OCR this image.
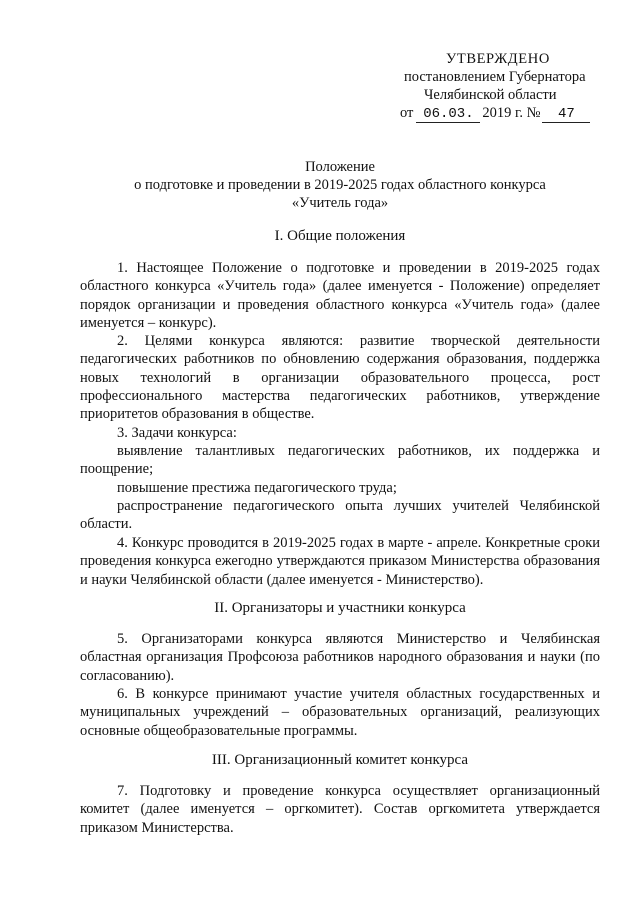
УТВЕРЖДЕНО
постановлением Губернатора
Челябинской области
от 06.03. 2019 г. № 47
Положение
о подготовке и проведении в 2019-2025 годах областного конкурса
«Учитель года»
I. Общие положения

1. Настоящее Положение о подготовке и проведении в 2019-2025 годах областного конкурса «Учитель года» (далее именуется - Положение) определяет порядок организации и проведения областного конкурса «Учитель года» (далее именуется – конкурс).

2. Целями конкурса являются: развитие творческой деятельности педагогических работников по обновлению содержания образования, поддержка новых технологий в организации образовательного процесса, рост профессионального мастерства педагогических работников, утверждение приоритетов образования в обществе.

3. Задачи конкурса:

выявление талантливых педагогических работников, их поддержка и поощрение;

повышение престижа педагогического труда;

распространение педагогического опыта лучших учителей Челябинской области.

4. Конкурс проводится в 2019-2025 годах в марте - апреле. Конкретные сроки проведения конкурса ежегодно утверждаются приказом Министерства образования и науки Челябинской области (далее именуется - Министерство).

II. Организаторы и участники конкурса

5. Организаторами конкурса являются Министерство и Челябинская областная организация Профсоюза работников народного образования и науки (по согласованию).

6. В конкурсе принимают участие учителя областных государственных и муниципальных учреждений – образовательных организаций, реализующих основные общеобразовательные программы.

III. Организационный комитет конкурса

7. Подготовку и проведение конкурса осуществляет организационный комитет (далее именуется – оргкомитет). Состав оргкомитета утверждается приказом Министерства.
